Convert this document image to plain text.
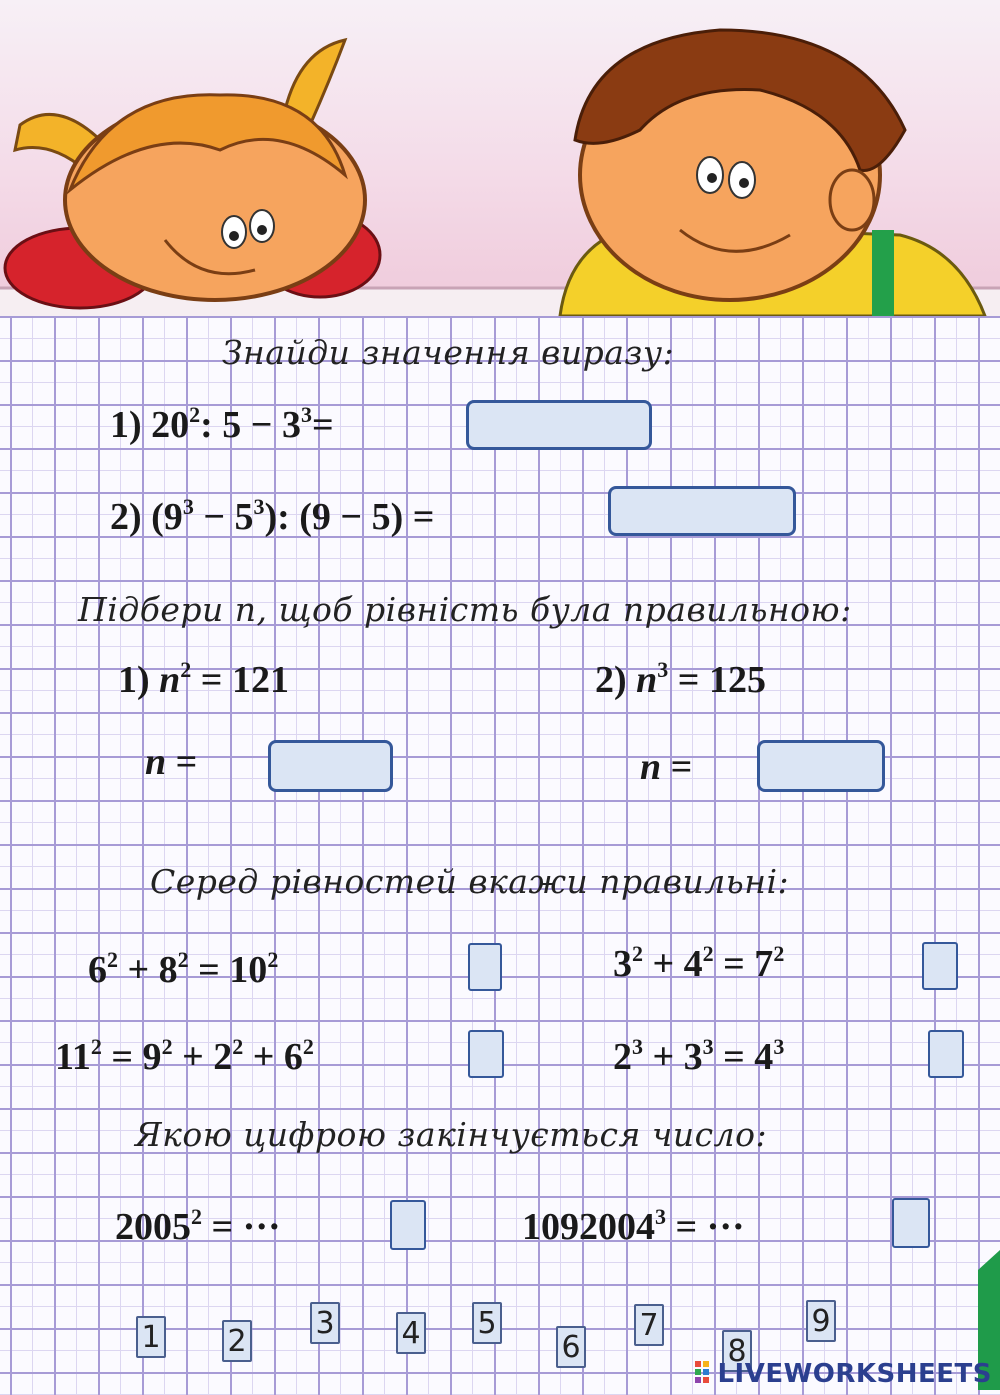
Знайди значення виразу:
1) $20^2$: $5 - 3^3=$
2) $(9^3 - 5^3)$: (9 − 5) =
Підбери n, щоб рівність була правильною:
1) $n^2 = 121$	2) $n^3 = 125$
n =	n =
Серед рівностей вкажи правильні:
$6^2 + 8^2 = 10^2$	$3^2 + 4^2 = 7^2$
$11^2 = 9^2 + 2^2 + 6^2$	$2^3 + 3^3 = 4^3$
Якою цифрою закінчується число:
$2005^2$ = ···	$1092004^3$ = ···
1 2
3 4 5
6
7
8
9
LIVEWORKSHEETS
